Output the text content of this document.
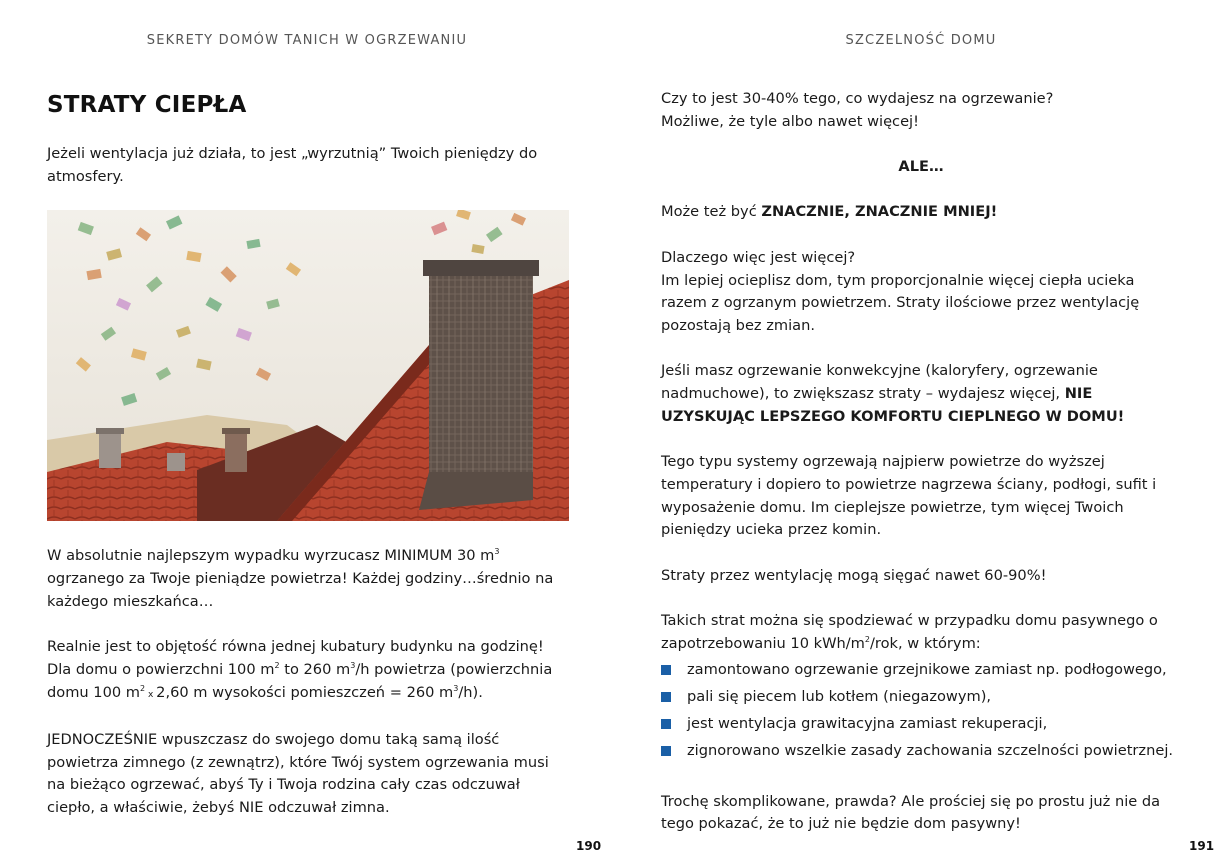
SEKRETY DOMÓW TANICH W OGRZEWANIU
STRATY CIEPŁA

Jeżeli wentylacja już działa, to jest „wyrzutnią” Twoich pieniędzy do atmosfery.

W absolutnie najlepszym wypadku wyrzucasz MINIMUM 30 $m^3$ ogrzanego za Twoje pieniądze powietrza! Każdej godziny…średnio na każdego mieszkańca…

Realnie jest to objętość równa jednej kubatury budynku na godzinę!
Dla domu o powierzchni 100 $m^2$ to 260 $m^3/h$ powietrza (powierzchnia domu 100 $m^2$ x 2,60 m wysokości pomieszczeń = 260 $m^3/h$).

JEDNOCZEŚNIE wpuszczasz do swojego domu taką samą ilość powietrza zimnego (z zewnątrz), które Twój system ogrzewania musi na bieżąco ogrzewać, abyś Ty i Twoja rodzina cały czas odczuwał ciepło, a właściwie, żebyś NIE odczuwał zimna.

190
SZCZELNOŚĆ DOMU

Czy to jest 30-40% tego, co wydajesz na ogrzewanie?
Możliwe, że tyle albo nawet więcej!

ALE…

Może też być ZNACZNIE, ZNACZNIE MNIEJ!

Dlaczego więc jest więcej?
Im lepiej ocieplisz dom, tym proporcjonalnie więcej ciepła ucieka razem z ogrzanym powietrzem. Straty ilościowe przez wentylację pozostają bez zmian.

Jeśli masz ogrzewanie konwekcyjne (kaloryfery, ogrzewanie nadmuchowe), to zwiększasz straty – wydajesz więcej, NIE UZYSKUJĄC LEPSZEGO KOMFORTU CIEPLNEGO W DOMU!

Tego typu systemy ogrzewają najpierw powietrze do wyższej temperatury i dopiero to powietrze nagrzewa ściany, podłogi, sufit i wyposażenie domu. Im cieplejsze powietrze, tym więcej Twoich pieniędzy ucieka przez komin.

Straty przez wentylację mogą sięgać nawet 60-90%!

Takich strat można się spodziewać w przypadku domu pasywnego o zapotrzebowaniu 10 kWh/$m^2$/rok, w którym:

zamontowano ogrzewanie grzejnikowe zamiast np. podłogowego,
pali się piecem lub kotłem (niegazowym),
jest wentylacja grawitacyjna zamiast rekuperacji,
zignorowano wszelkie zasady zachowania szczelności powietrznej.

Trochę skomplikowane, prawda? Ale prościej się po prostu już nie da tego pokazać, że to już nie będzie dom pasywny!

191
